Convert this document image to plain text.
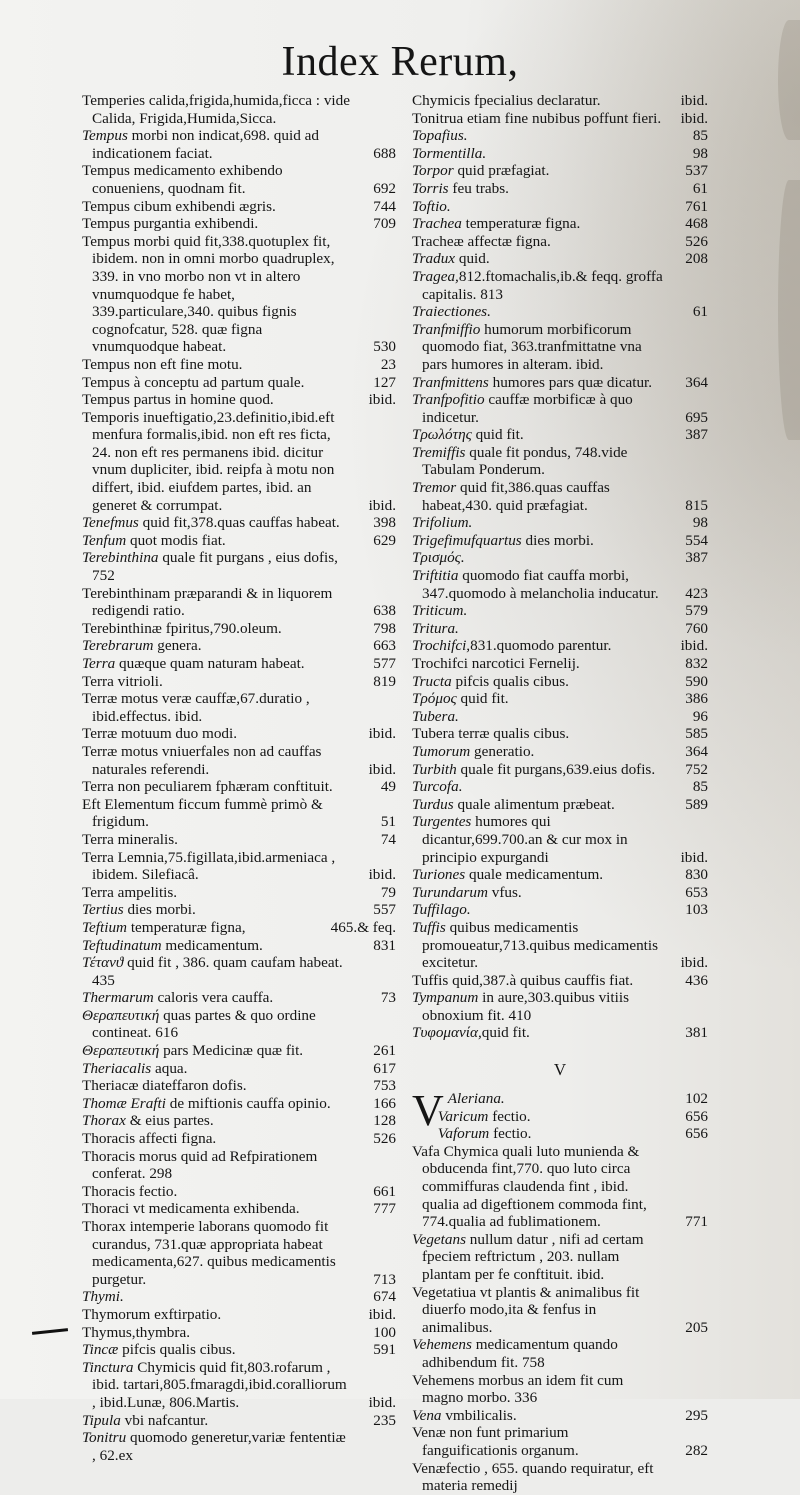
Index Rerum,

Temperies calida,frigida,humida,ficca : vide Calida, Frigida,Humida,Sicca.

Tempus morbi non indicat,698. quid ad indicationem faciat.	688

Tempus medicamento exhibendo conueniens, quodnam fit.	692

Tempus cibum exhibendi ægris.	744

Tempus purgantia exhibendi.	709

Tempus morbi quid fit,338.quotuplex fit, ibidem. non in omni morbo quadruplex, 339. in vno morbo non vt in altero vnumquodque fe habet, 339.particulare,340. quibus fignis cognofcatur, 528. quæ figna vnumquodque habeat.	530

Tempus non eft fine motu.	23

Tempus à conceptu ad partum quale.	127

Tempus partus in homine quod.	ibid.

Temporis inueftigatio,23.definitio,ibid.eft menfura formalis,ibid. non eft res ficta, 24. non eft res permanens ibid. dicitur vnum dupliciter, ibid. reipfa à motu non differt, ibid. eiufdem partes, ibid. an generet & corrumpat.	ibid.

Tenefmus quid fit,378.quas cauffas habeat.	398

Tenfum quot modis fiat.	629

Terebinthina quale fit purgans , eius dofis, 752

Terebinthinam præparandi & in liquorem redigendi ratio.	638

Terebinthinæ fpiritus,790.oleum.	798

Terebrarum genera.	663

Terra quæque quam naturam habeat.	577

Terra vitrioli.	819

Terræ motus veræ cauffæ,67.duratio , ibid.effectus. ibid.

Terræ motuum duo modi.	ibid.

Terræ motus vniuerfales non ad cauffas naturales referendi.	ibid.

Terra non peculiarem fphæram conftituit.	49

Eft Elementum ficcum fummè primò & frigidum.	51

Terra mineralis.	74

Terra Lemnia,75.figillata,ibid.armeniaca , ibidem. Silefiacâ.	ibid.

Terra ampelitis.	79

Tertius dies morbi.	557

Teftium temperaturæ figna,	465.& feq.

Teftudinatum medicamentum.	831

Τέτανϑ quid fit , 386. quam caufam habeat. 435

Thermarum caloris vera cauffa.	73

Θεραπευτική quas partes & quo ordine contineat. 616

Θεραπευτική pars Medicinæ quæ fit.	261

Theriacalis aqua.	617

Theriacæ diateffaron dofis.	753

Thomæ Erafti de miftionis cauffa opinio.	166

Thorax & eius partes.	128

Thoracis affecti figna.	526

Thoracis morus quid ad Refpirationem conferat. 298

Thoracis fectio.	661

Thoraci vt medicamenta exhibenda.	777

Thorax intemperie laborans quomodo fit curandus, 731.quæ appropriata habeat medicamenta,627. quibus medicamentis purgetur.	713

Thymi.	674

Thymorum exftirpatio.	ibid.

Thymus,thymbra.	100

Tincæ pifcis qualis cibus.	591

Tinctura Chymicis quid fit,803.rofarum , ibid. tartari,805.fmaragdi,ibid.coralliorum , ibid.Lunæ, 806.Martis.	ibid.

Tipula vbi nafcantur.	235

Tonitru quomodo generetur,variæ fententiæ , 62.ex

Chymicis fpecialius declaratur.	ibid.

Tonitrua etiam fine nubibus poffunt fieri.	ibid.

Topafius.	85

Tormentilla.	98

Torpor quid præfagiat.	537

Torris feu trabs.	61

Toftio.	761

Trachea temperaturæ figna.	468

Tracheæ affectæ figna.	526

Tradux quid.	208

Tragea,812.ftomachalis,ib.& feqq. groffa capitalis. 813

Traiectiones.	61

Tranfmiffio humorum morbificorum quomodo fiat, 363.tranfmittatne vna pars humores in alteram. ibid.

Tranfmittens humores pars quæ dicatur.	364

Tranfpofitio cauffæ morbificæ à quo indicetur.	695

Τρωλότης quid fit.	387

Tremiffis quale fit pondus, 748.vide Tabulam Ponderum.

Tremor quid fit,386.quas cauffas habeat,430. quid præfagiat.	815

Trifolium.	98

Trigefimufquartus dies morbi.	554

Τρισμός.	387

Triftitia quomodo fiat cauffa morbi, 347.quomodo à melancholia inducatur.	423

Triticum.	579

Tritura.	760

Trochifci,831.quomodo parentur.	ibid.

Trochifci narcotici Fernelij.	832

Tructa pifcis qualis cibus.	590

Τρόμος quid fit.	386

Tubera.	96

Tubera terræ qualis cibus.	585

Tumorum generatio.	364

Turbith quale fit purgans,639.eius dofis.	752

Turcofa.	85

Turdus quale alimentum præbeat.	589

Turgentes humores qui dicantur,699.700.an & cur mox in principio expurgandi	ibid.

Turiones quale medicamentum.	830

Turundarum vfus.	653

Tuffilago.	103

Tuffis quibus medicamentis promoueatur,713.quibus medicamentis excitetur.	ibid.

Tuffis quid,387.à quibus cauffis fiat.	436

Tympanum in aure,303.quibus vitiis obnoxium fit. 410

Τυφομανία,quid fit.	381

V

V Aleriana.	102

Varicum fectio.	656

Vaforum fectio.	656

Vafa Chymica quali luto munienda & obducenda fint,770. quo luto circa commiffuras claudenda fint , ibid. qualia ad digeftionem commoda fint, 774.qualia ad fublimationem.	771

Vegetans nullum datur , nifi ad certam fpeciem reftrictum , 203. nullam plantam per fe conftituit. ibid.

Vegetatiua vt plantis & animalibus fit diuerfo modo,ita & fenfus in animalibus.	205

Vehemens medicamentum quando adhibendum fit. 758

Vehemens morbus an idem fit cum magno morbo. 336

Vena vmbilicalis.	295

Venæ non funt primarium fanguificationis organum.	282

Venæfectio , 655. quando requiratur, eft materia remedij
